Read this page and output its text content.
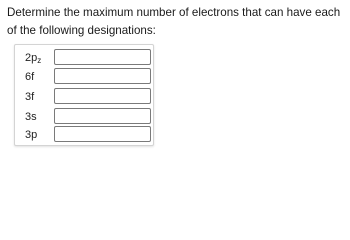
Determine the maximum number of electrons that can have each of the following designations:

$2p_z$
6f
3f
3s
3p
